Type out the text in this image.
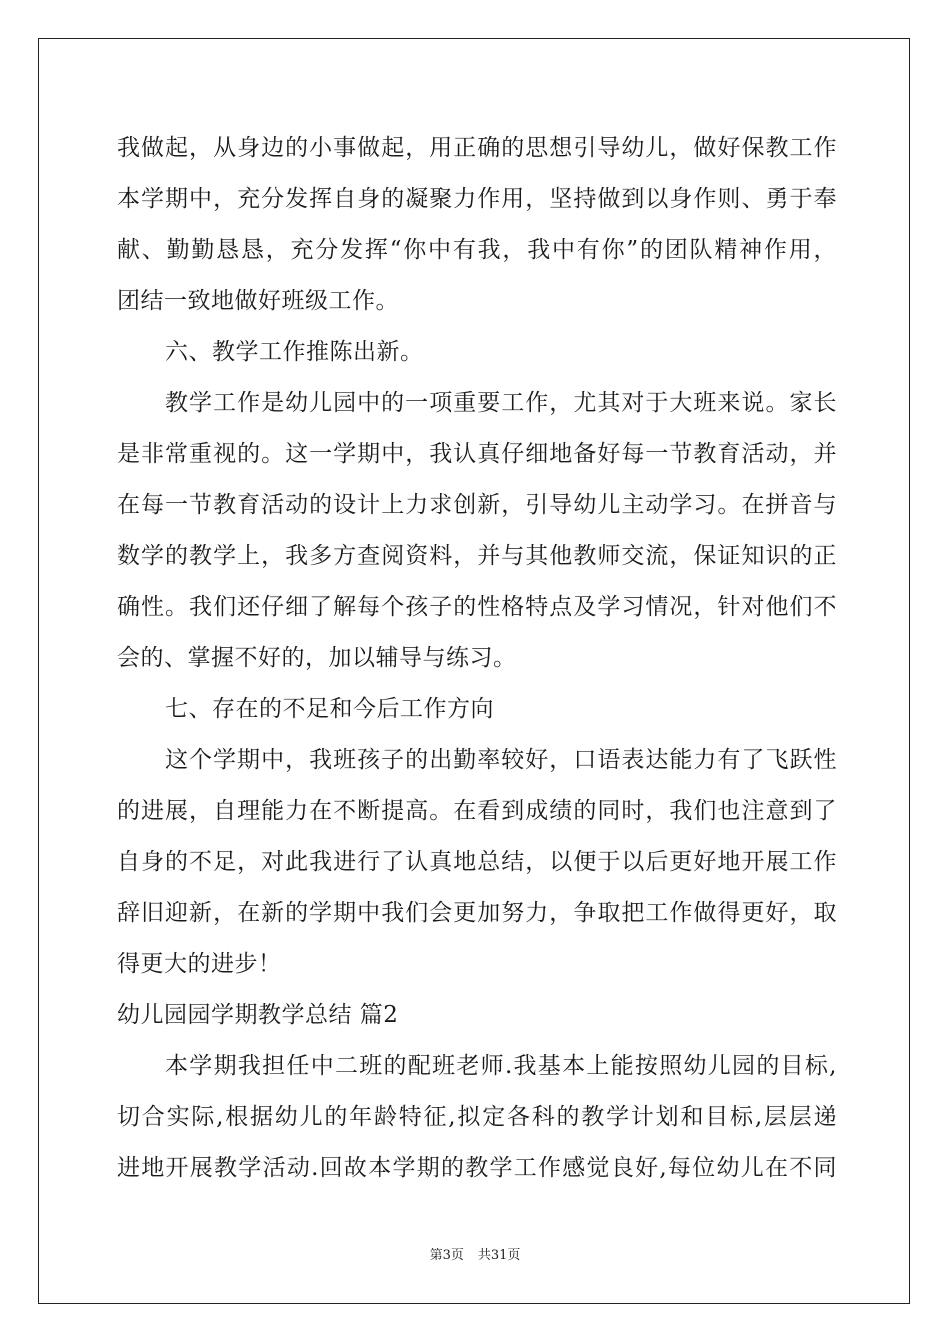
我做起，从身边的小事做起，用正确的思想引导幼儿，做好保教工作
本学期中，充分发挥自身的凝聚力作用，坚持做到以身作则、勇于奉
献、勤勤恳恳，充分发挥“你中有我，我中有你”的团队精神作用，
团结一致地做好班级工作。
六、教学工作推陈出新。
教学工作是幼儿园中的一项重要工作，尤其对于大班来说。家长
是非常重视的。这一学期中，我认真仔细地备好每一节教育活动，并
在每一节教育活动的设计上力求创新，引导幼儿主动学习。在拼音与
数学的教学上，我多方查阅资料，并与其他教师交流，保证知识的正
确性。我们还仔细了解每个孩子的性格特点及学习情况，针对他们不
会的、掌握不好的，加以辅导与练习。
七、存在的不足和今后工作方向
这个学期中，我班孩子的出勤率较好，口语表达能力有了飞跃性
的进展，自理能力在不断提高。在看到成绩的同时，我们也注意到了
自身的不足，对此我进行了认真地总结，以便于以后更好地开展工作
辞旧迎新，在新的学期中我们会更加努力，争取把工作做得更好，取
得更大的进步！
幼儿园园学期教学总结 篇2
本学期我担任中二班的配班老师.我基本上能按照幼儿园的目标,
切合实际,根据幼儿的年龄特征,拟定各科的教学计划和目标,层层递
进地开展教学活动.回故本学期的教学工作感觉良好,每位幼儿在不同
第3页 共31页
